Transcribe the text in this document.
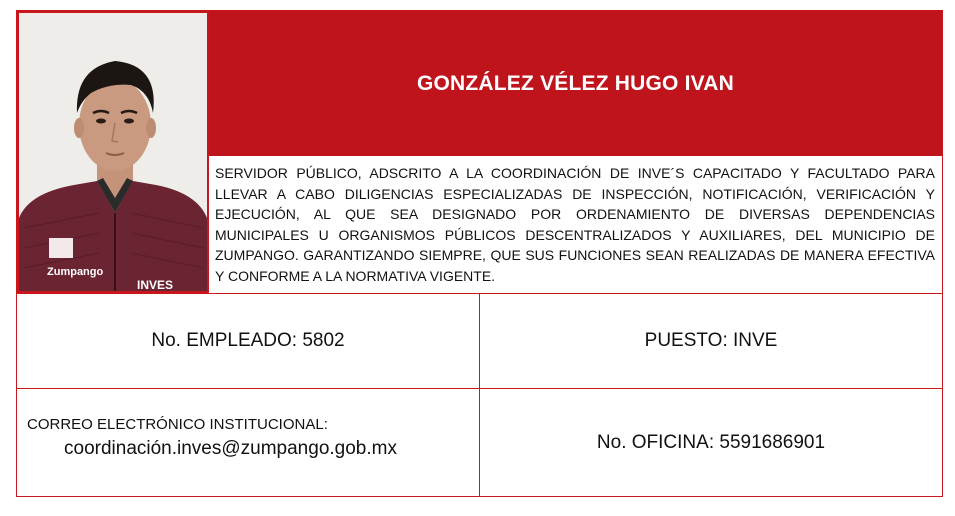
Zumpango
INVES
GONZÁLEZ VÉLEZ HUGO IVAN
SERVIDOR PÚBLICO, ADSCRITO A LA COORDINACIÓN DE INVE´S CAPACITADO Y FACULTADO PARA LLEVAR A CABO DILIGENCIAS ESPECIALIZADAS DE INSPECCIÓN, NOTIFICACIÓN, VERIFICACIÓN Y EJECUCIÓN, AL QUE SEA DESIGNADO POR ORDENAMIENTO DE DIVERSAS DEPENDENCIAS MUNICIPALES U ORGANISMOS PÚBLICOS DESCENTRALIZADOS Y AUXILIARES, DEL MUNICIPIO DE ZUMPANGO. GARANTIZANDO SIEMPRE, QUE SUS FUNCIONES SEAN REALIZADAS DE MANERA EFECTIVA Y CONFORME A LA NORMATIVA VIGENTE.
No. EMPLEADO: 5802	PUESTO: INVE
CORREO ELECTRÓNICO INSTITUCIONAL:
coordinación.inves@zumpango.gob.mx	No. OFICINA: 5591686901
